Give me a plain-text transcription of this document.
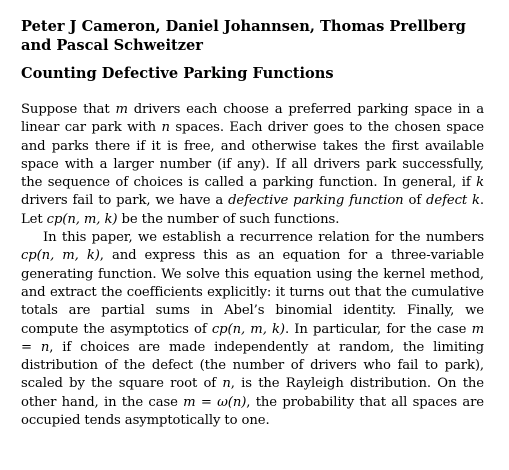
Peter J Cameron, Daniel Johannsen, Thomas Prellberg and Pascal Schweitzer

Counting Defective Parking Functions

Suppose that m drivers each choose a preferred parking space in a linear car park with n spaces. Each driver goes to the chosen space and parks there if it is free, and otherwise takes the first available space with a larger number (if any). If all drivers park successfully, the sequence of choices is called a parking function. In general, if k drivers fail to park, we have a defective parking function of defect k. Let cp(n, m, k) be the number of such functions.

In this paper, we establish a recurrence relation for the numbers cp(n, m, k), and express this as an equation for a three-variable generating function. We solve this equation using the kernel method, and extract the coefficients explicitly: it turns out that the cumulative totals are partial sums in Abel’s binomial identity. Finally, we compute the asymptotics of cp(n, m, k). In particular, for the case m = n, if choices are made independently at random, the limiting distribution of the defect (the number of drivers who fail to park), scaled by the square root of n, is the Rayleigh distribution. On the other hand, in the case m = ω(n), the probability that all spaces are occupied tends asymptotically to one.
